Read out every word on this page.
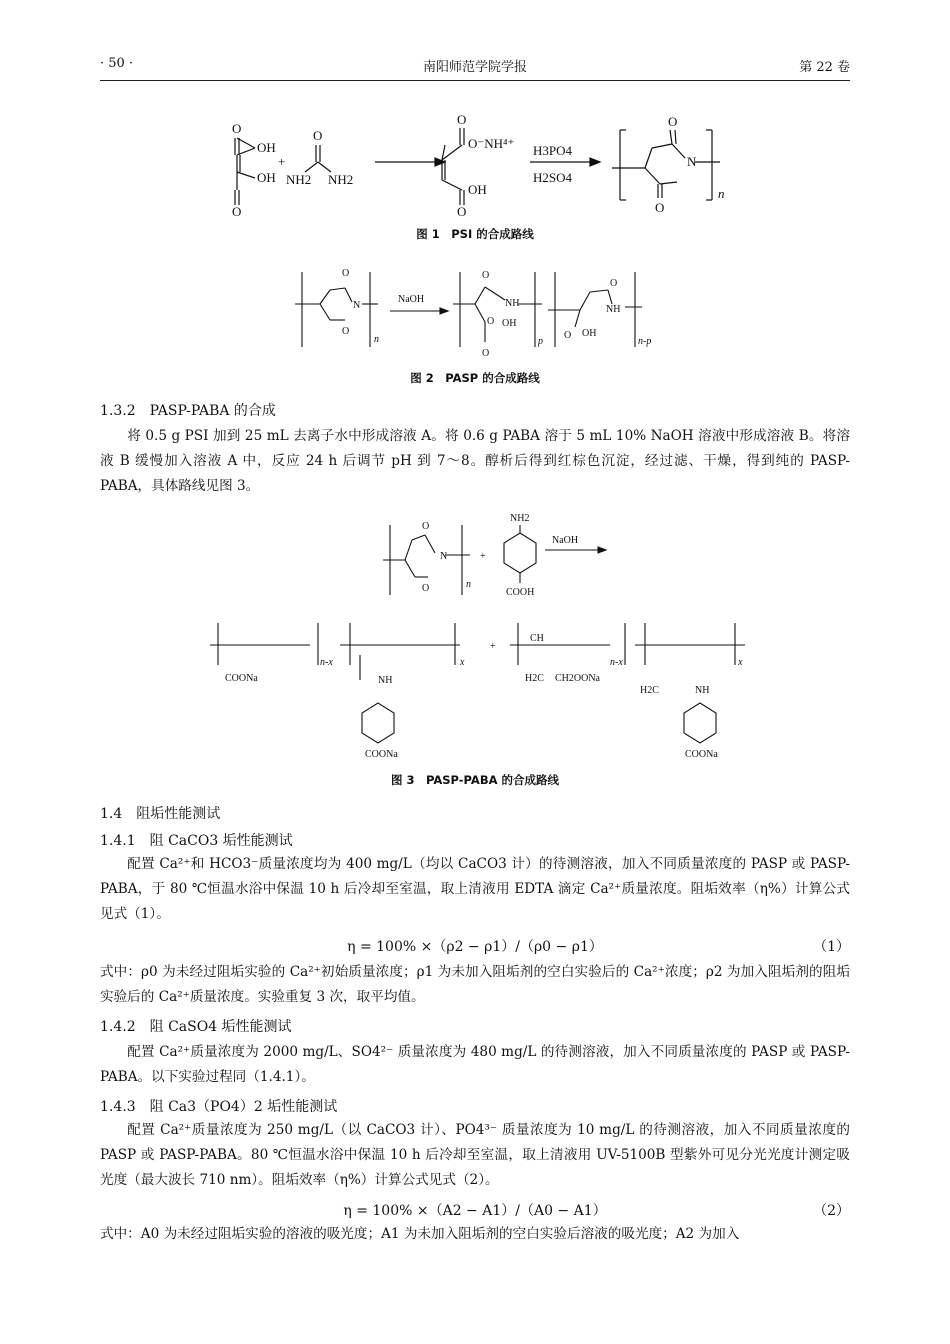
· 50 ·	南阳师范学院学报	第 22 卷
O
OH
OH
O
+
O
NH2 NH2
O
O⁻NH⁴⁺
OH
O
H3PO4
H2SO4
O
N
O
n
图 1　PSI 的合成路线
O
N
O
n
NaOH
O
NH
OH
O
O
p
O
NH
O OH
n-p
图 2　PASP 的合成路线
1.3.2　PASP-PABA 的合成
将 0.5 g PSI 加到 25 mL 去离子水中形成溶液 A。将 0.6 g PABA 溶于 5 mL 10% NaOH 溶液中形成溶液 B。将溶液 B 缓慢加入溶液 A 中，反应 24 h 后调节 pH 到 7～8。醇析后得到红棕色沉淀，经过滤、干燥，得到纯的 PASP-PABA，具体路线见图 3。
O
N
O	n
+
NH2
COOH
NaOH
COONa
n-x
NH
COONa
x
+
CH
H2C CH2OONa
n-x
H2C	NH
COONa
x
图 3　PASP-PABA 的合成路线
1.4　阻垢性能测试
1.4.1　阻 CaCO3 垢性能测试
配置 Ca²⁺和 HCO3⁻质量浓度均为 400 mg/L（均以 CaCO3 计）的待测溶液，加入不同质量浓度的 PASP 或 PASP-PABA，于 80 ℃恒温水浴中保温 10 h 后冷却至室温，取上清液用 EDTA 滴定 Ca²⁺质量浓度。阻垢效率（η%）计算公式见式（1）。
η = 100% ×（ρ2 − ρ1）/（ρ0 − ρ1）	（1）
式中：ρ0 为未经过阻垢实验的 Ca²⁺初始质量浓度；ρ1 为未加入阻垢剂的空白实验后的 Ca²⁺浓度；ρ2 为加入阻垢剂的阻垢实验后的 Ca²⁺质量浓度。实验重复 3 次，取平均值。
1.4.2　阻 CaSO4 垢性能测试
配置 Ca²⁺质量浓度为 2000 mg/L、SO4²⁻ 质量浓度为 480 mg/L 的待测溶液，加入不同质量浓度的 PASP 或 PASP-PABA。以下实验过程同（1.4.1）。
1.4.3　阻 Ca3（PO4）2 垢性能测试
配置 Ca²⁺质量浓度为 250 mg/L（以 CaCO3 计）、PO4³⁻ 质量浓度为 10 mg/L 的待测溶液，加入不同质量浓度的 PASP 或 PASP-PABA。80 ℃恒温水浴中保温 10 h 后冷却至室温，取上清液用 UV-5100B 型紫外可见分光光度计测定吸光度（最大波长 710 nm）。阻垢效率（η%）计算公式见式（2）。
η = 100% ×（A2 − A1）/（A0 − A1）	（2）
式中：A0 为未经过阻垢实验的溶液的吸光度；A1 为未加入阻垢剂的空白实验后溶液的吸光度；A2 为加入
